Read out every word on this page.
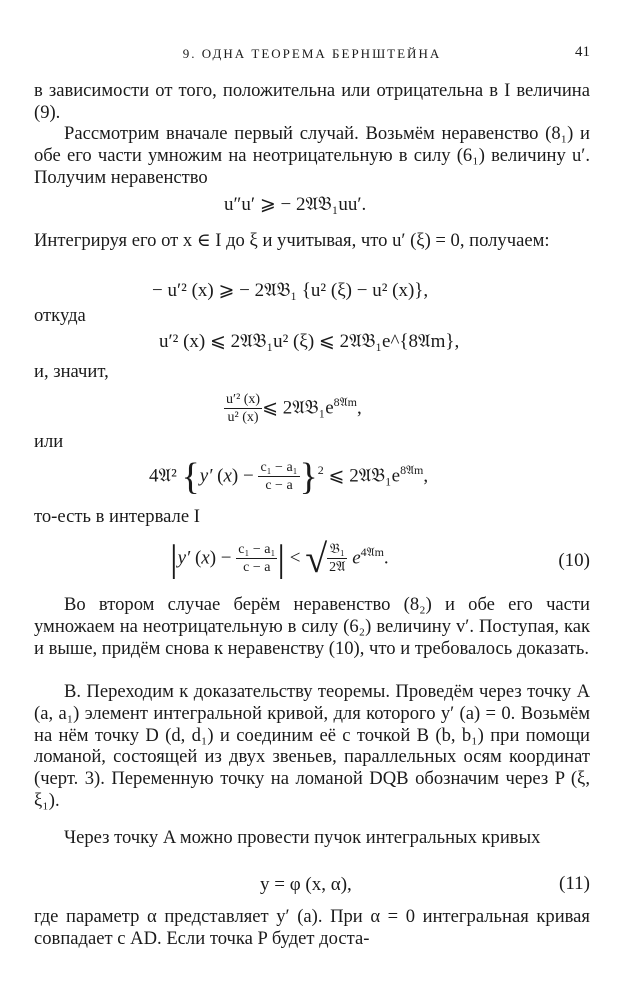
9. ОДНА ТЕОРЕМА БЕРНШТЕЙНА	41

в зависимости от того, положительна или отрицательна в I величина (9).

Рассмотрим вначале первый случай. Возьмём неравенство (8₁) и обе его части умножим на неотрицательную в силу (6₁) величину u′. Получим неравенство

u″u′ ⩾ − 2𝔄𝔅₁uu′.

Интегрируя его от x ∈ I до ξ и учитывая, что u′ (ξ) = 0, получаем:

− u′² (x) ⩾ − 2𝔄𝔅₁ {u² (ξ) − u² (x)},

откуда

u′² (x) ⩽ 2𝔄𝔅₁u² (ξ) ⩽ 2𝔄𝔅₁e^{8𝔄m},

и, значит,

$\frac{\text{u′² (x)}}{\text{u² (x)}}$ ⩽ $2𝔄𝔅_1e^{8𝔄m}$,

или

4𝔄² {y′ $(x) - \frac{\text{c₁ − a₁}}{c - a} \}^2$ ⩽ $2𝔄𝔅_1e^{8𝔄m}$,

то-есть в интервале I

|y′ $(x) - \frac{\text{c₁ − a₁}}{c - a}$ | < √ $\frac{\text{𝔅₁}}{\text{2𝔄}} e^{4𝔄m}$.	(10)

Во втором случае берём неравенство (8₂) и обе его части умножаем на неотрицательную в силу (6₂) величину v′. Поступая, как и выше, придём снова к неравенству (10), что и требовалось доказать.

B. Переходим к доказательству теоремы. Проведём через точку A (a, a₁) элемент интегральной кривой, для которого y′ (a) = 0. Возьмём на нём точку D (d, d₁) и соединим её с точкой B (b, b₁) при помощи ломаной, состоящей из двух звеньев, параллельных осям координат (черт. 3). Переменную точку на ломаной DQB обозначим через P (ξ, ξ₁).

Через точку A можно провести пучок интегральных кривых

y = φ (x, α),	(11)

где параметр α представляет y′ (a). При α = 0 интегральная кривая совпадает с AD. Если точка P будет доста-
